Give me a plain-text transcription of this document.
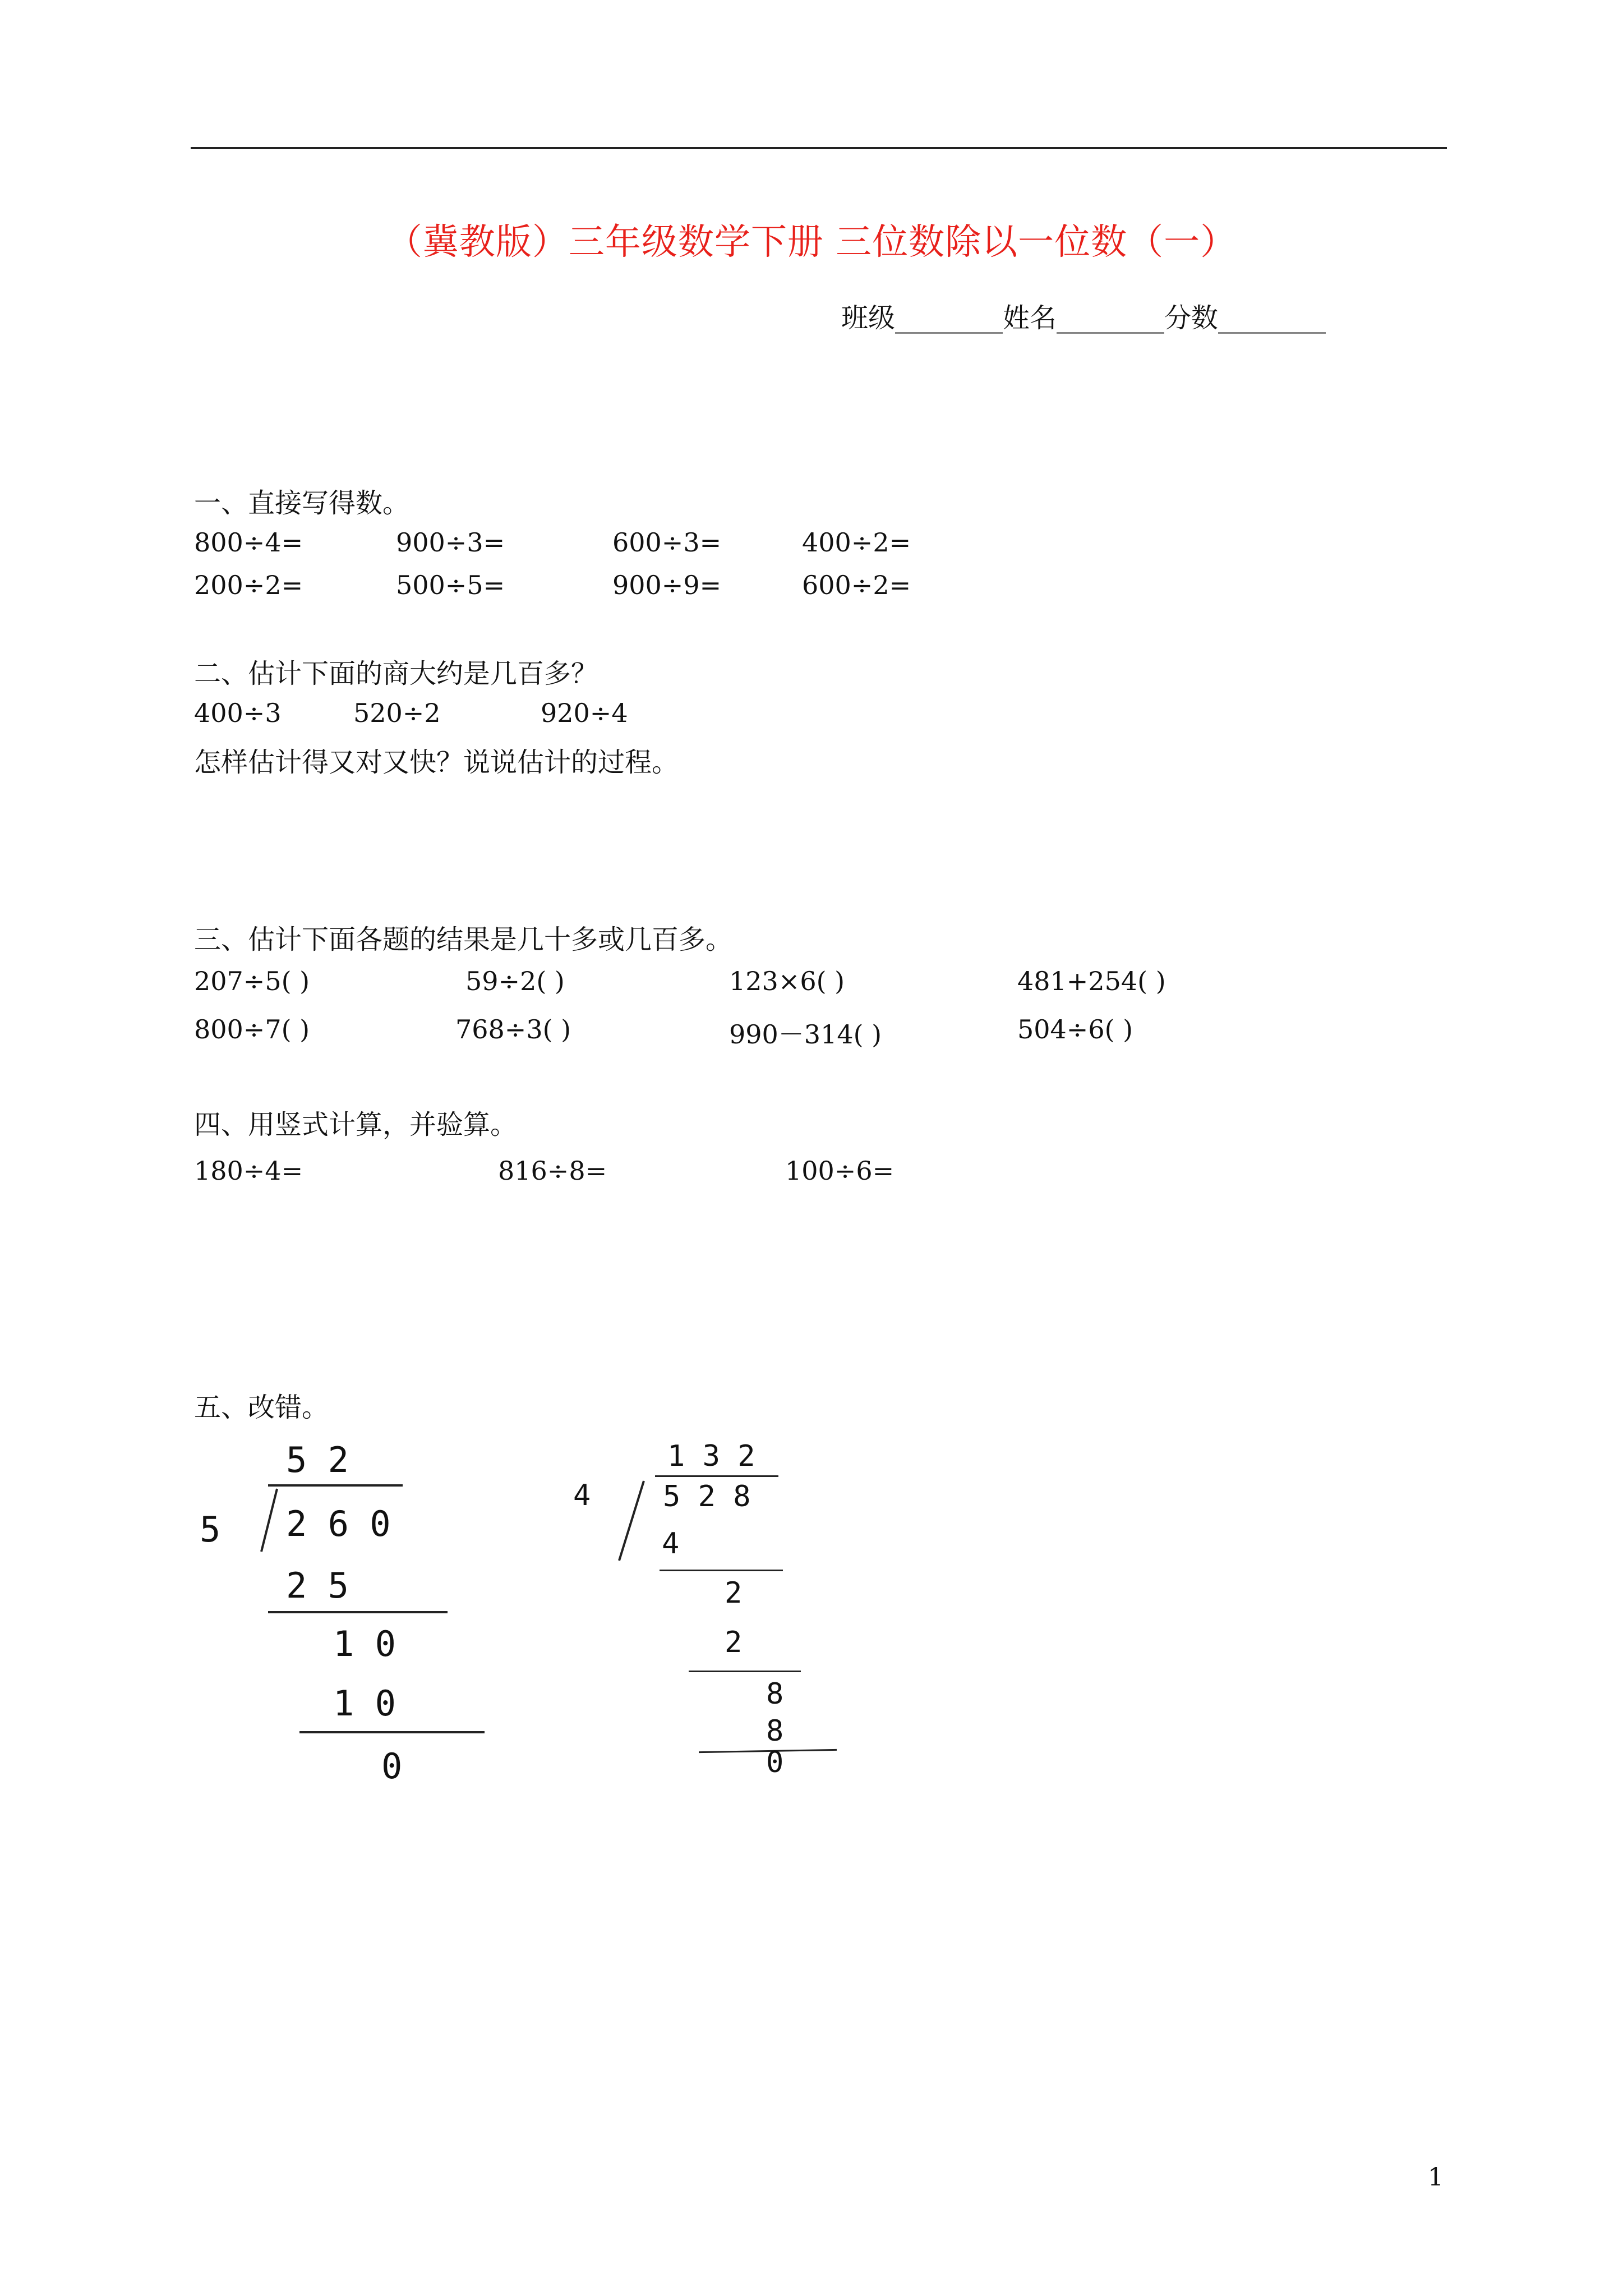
（冀教版）三年级数学下册 三位数除以一位数（一）
班级________姓名________分数________
一、直接写得数。
800÷4=	900÷3=	600÷3=	400÷2=
200÷2=	500÷5=	900÷9=	600÷2=
二、估计下面的商大约是几百多？
400÷3	520÷2	920÷4
怎样估计得又对又快？说说估计的过程。
三、估计下面各题的结果是几十多或几百多。
207÷5( )	59÷2( )	123×6( )	481+254( )
800÷7( )	768÷3( )	990－314( )	504÷6( )
四、用竖式计算，并验算。
180÷4=	816÷8=	100÷6=
五、改错。
5 2
5 2 6 0
2 5
1 0
1 0
0
1 3 2
4 5 2 8
4
2
2
8
8
0
1
